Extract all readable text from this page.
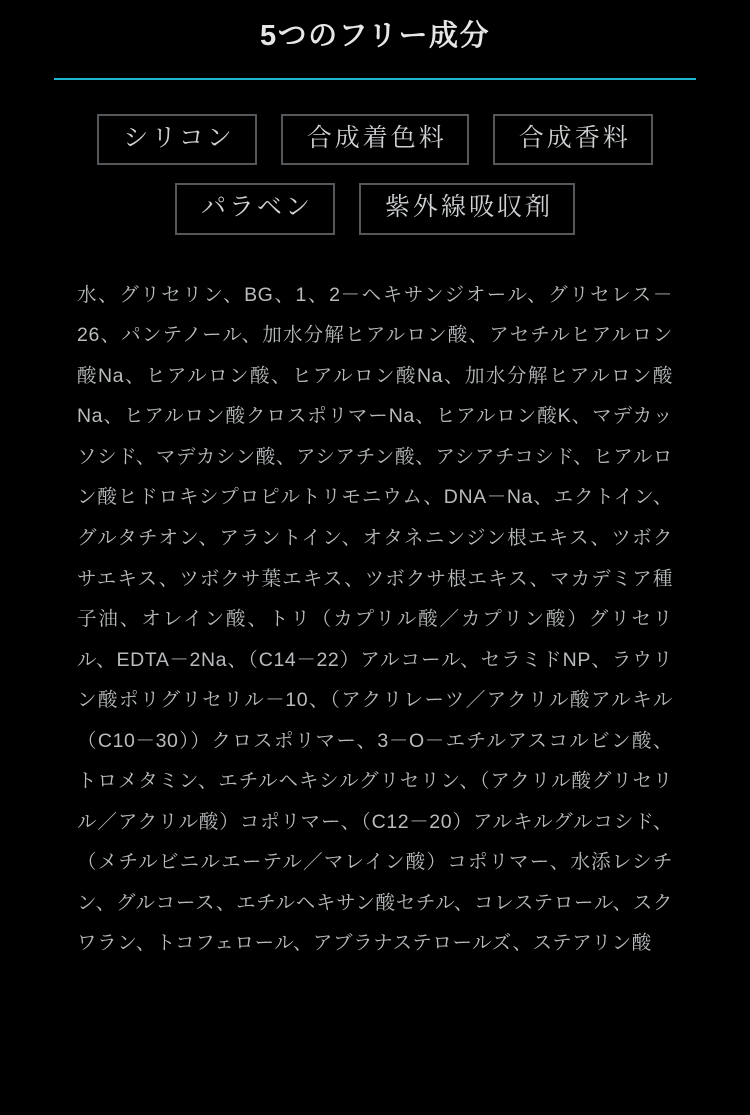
5つのフリー成分
シリコン	合成着色料	合成香料
パラベン	紫外線吸収剤
水、グリセリン、BG、1、2－ヘキサンジオール、グリセレス－26、パンテノール、加水分解ヒアルロン酸、アセチルヒアルロン酸Na、ヒアルロン酸、ヒアルロン酸Na、加水分解ヒアルロン酸Na、ヒアルロン酸クロスポリマーNa、ヒアルロン酸K、マデカッソシド、マデカシン酸、アシアチン酸、アシアチコシド、ヒアルロン酸ヒドロキシプロピルトリモニウム、DNA－Na、エクトイン、グルタチオン、アラントイン、オタネニンジン根エキス、ツボクサエキス、ツボクサ葉エキス、ツボクサ根エキス、マカデミア種子油、オレイン酸、トリ（カプリル酸／カプリン酸）グリセリル、EDTA－2Na、（C14－22）アルコール、セラミドNP、ラウリン酸ポリグリセリル－10、（アクリレーツ／アクリル酸アルキル（C10－30））クロスポリマー、3－O－エチルアスコルビン酸、トロメタミン、エチルヘキシルグリセリン、（アクリル酸グリセリル／アクリル酸）コポリマー、（C12－20）アルキルグルコシド、（メチルビニルエーテル／マレイン酸）コポリマー、水添レシチン、グルコース、エチルヘキサン酸セチル、コレステロール、スクワラン、トコフェロール、アブラナステロールズ、ステアリン酸
